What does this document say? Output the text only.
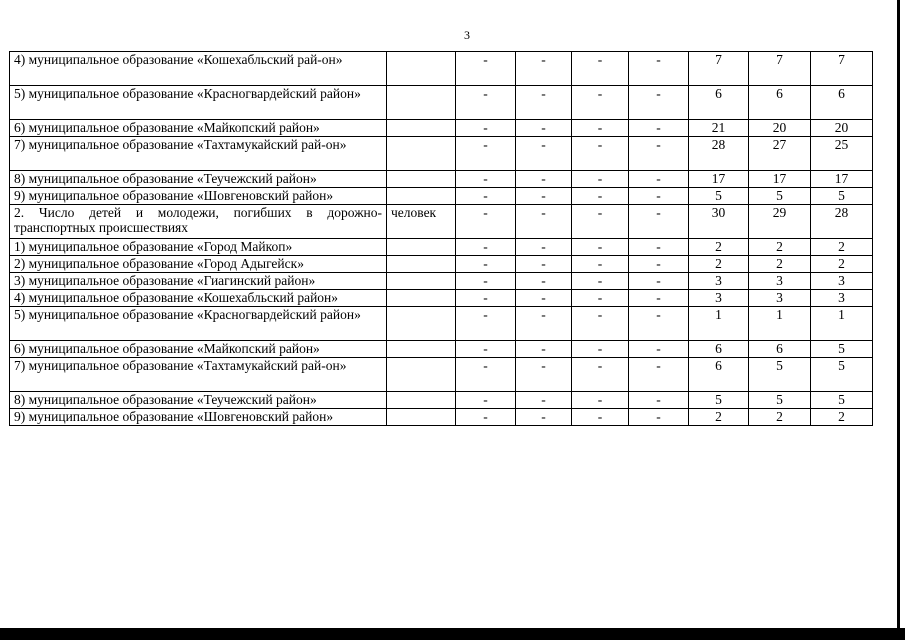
3
4) муниципальное образование «Кошехабльский рай-он»		-	-	-	-	7	7	7
5) муниципальное образование «Красногвардейский район»		-	-	-	-	6	6	6
6) муниципальное образование «Майкопский район»		-	-	-	-	21	20	20
7) муниципальное образование «Тахтамукайский рай-он»		-	-	-	-	28	27	25
8) муниципальное образование «Теучежский район»		-	-	-	-	17	17	17
9) муниципальное образование «Шовгеновский район»		-	-	-	-	5	5	5
2. Число детей и молодежи, погибших в дорожно-транспортных происшествиях	человек	-	-	-	-	30	29	28
1) муниципальное образование «Город Майкоп»		-	-	-	-	2	2	2
2) муниципальное образование «Город Адыгейск»		-	-	-	-	2	2	2
3) муниципальное образование «Гиагинский район»		-	-	-	-	3	3	3
4) муниципальное образование «Кошехабльский район»		-	-	-	-	3	3	3
5) муниципальное образование «Красногвардейский район»		-	-	-	-	1	1	1
6) муниципальное образование «Майкопский район»		-	-	-	-	6	6	5
7) муниципальное образование «Тахтамукайский рай-он»		-	-	-	-	6	5	5
8) муниципальное образование «Теучежский район»		-	-	-	-	5	5	5
9) муниципальное образование «Шовгеновский район»		-	-	-	-	2	2	2
